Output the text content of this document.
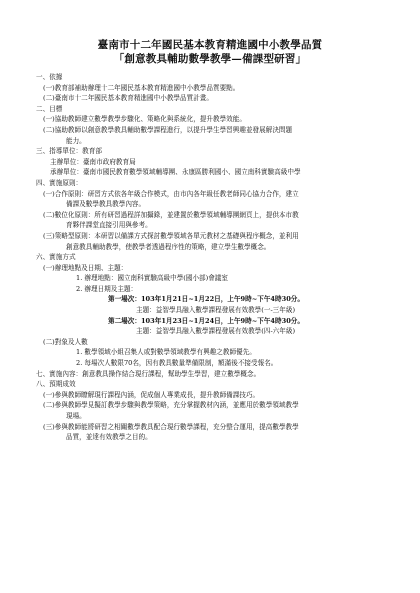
臺南市十二年國民基本教育精進國中小教學品質

「創意教具輔助數學教學—備課型研習」

一、依據

(一)教育部補助辦理十二年國民基本教育精進國中小教學品質要點。

(二)臺南市十二年國民基本教育精進國中小教學品質計畫。

二、目標

(一)協助教師建立數學教學步驟化、策略化與系統化，提升教學效能。

(二)協助教師以創意教學教具輔助數學課程進行，以提升學生學習興趣並發展解決問題

能力。

三、指導單位：教育部

主辦單位：臺南市政府教育局

承辦單位：臺南市國民教育數學領域輔導團、永康區勝利國小、國立南科實驗高級中學

四、實施原則：

(一)合作原則：研習方式依各年級合作模式，由市內各年級任教老師同心協力合作，建立

備課及數學教具教學內容。

(二)數位化原則：所有研習過程詳加攝錄，並建置於數學領域輔導團網頁上，提供本市教

育夥伴課堂直接引用與參考。

(三)策略型原則：本研習以備課方式探討數學領域各單元教材之基礎與程序概念，並利用

創意教具輔助教學，使教學者透過程序性的策略，建立學生數學概念。

六、實施方式

(一)辦理地點及日期、主題：

1. 辦理地點：國立南科實驗高級中學(國小部)會議室

2. 辦理日期及主題：

第一場次：103年1月21日~1月22日，上午9時~下午4時30分。

主題：益智學具融入數學課程發展有效教學(一-三年級)

第二場次：103年1月23日~1月24日，上午9時~下午4時30分。

主題：益智學具融入數學課程發展有效教學(四-六年級)

(二)對象及人數

1. 數學領域小組召集人或對數學領域教學有興趣之教師優先。

2. 每場次人數限70名，因有教具數量準備限制，額滿後不接受報名。

七、實施內容：創意教具操作結合現行課程，幫助學生學習，建立數學概念。

八、預期成效

(一)參與教師瞭解現行課程內涵，促成個人專業成長，提升教師備課技巧。

(二)參與教師學見擬訂教學步驟與教學策略，充分掌握教材內涵，並應用於數學領域教學

現場。

(三)參與教師能將研習之相關數學教具配合現行數學課程，充分整合運用，提高數學教學

品質，並達有效教學之目的。
